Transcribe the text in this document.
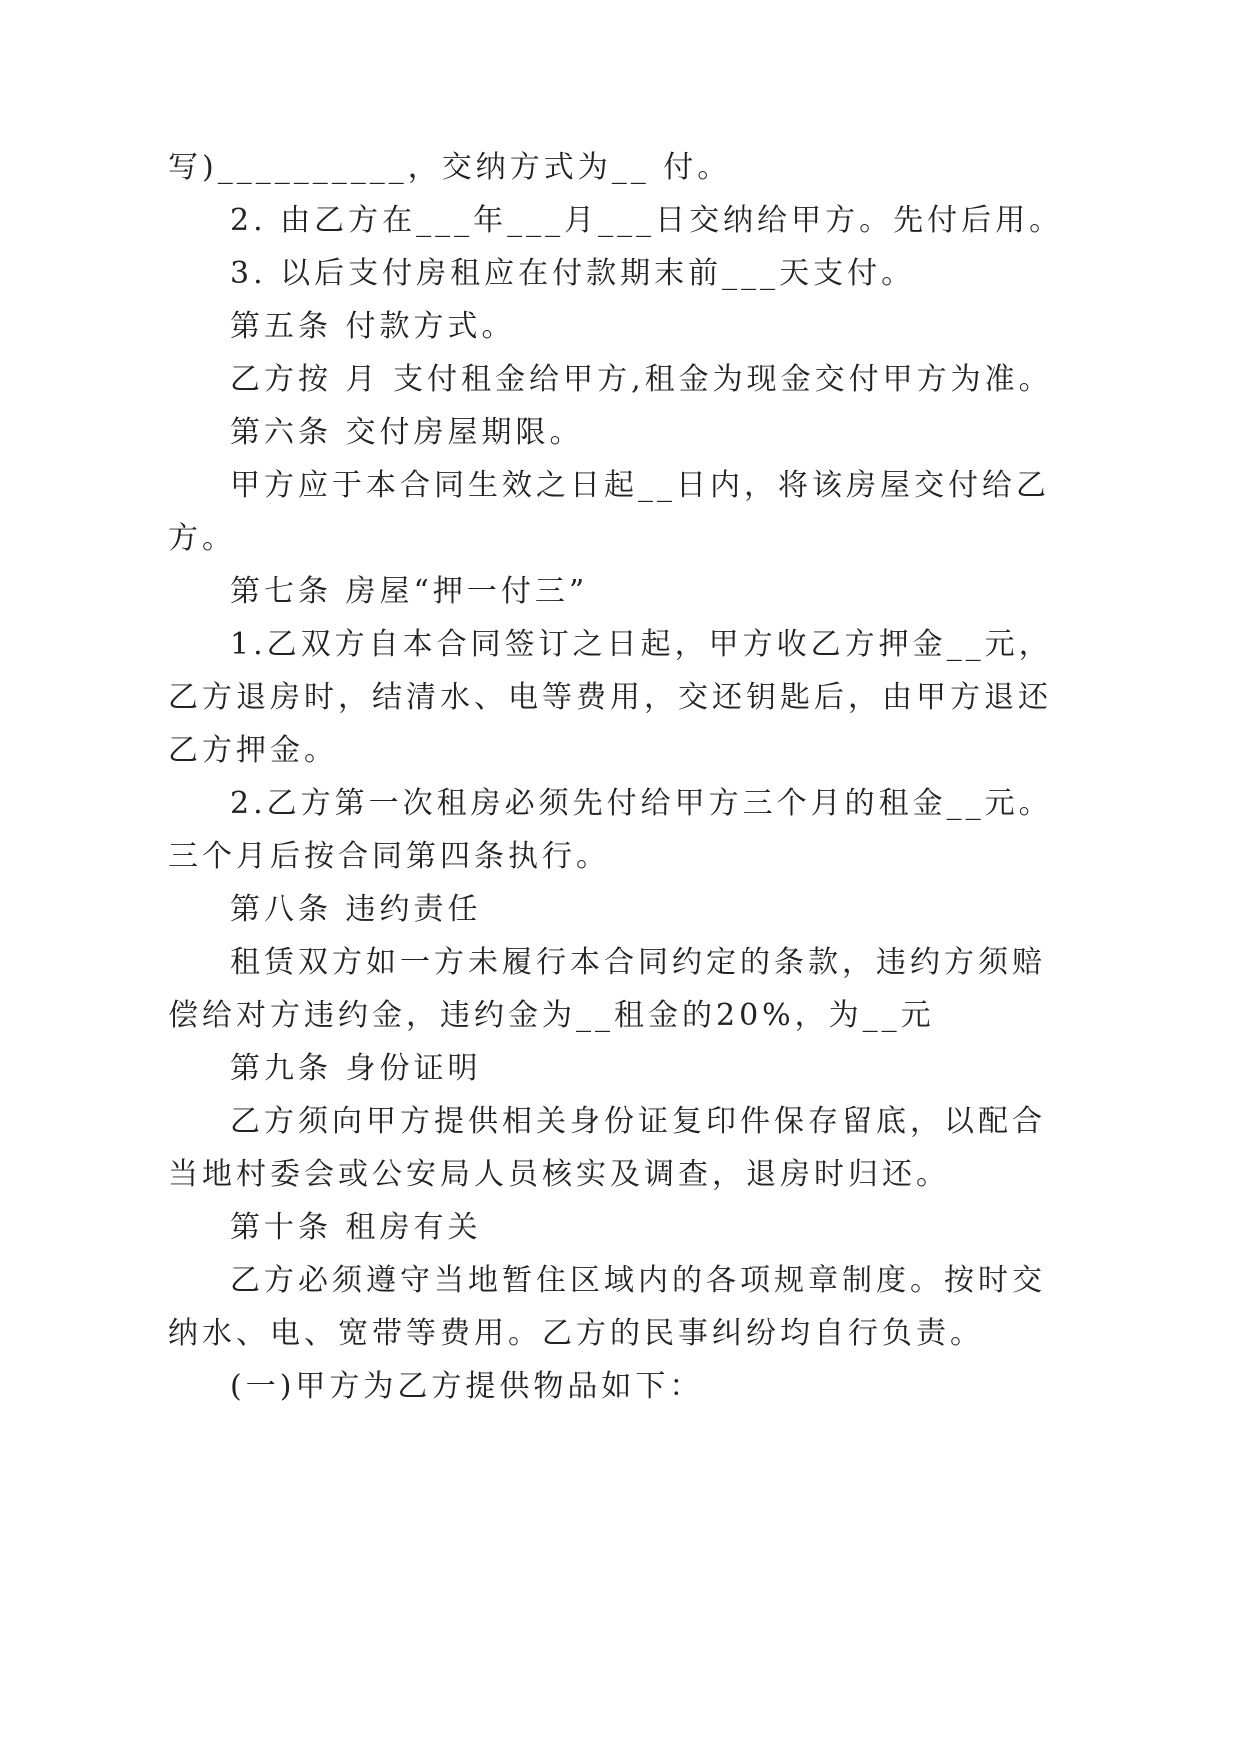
写)__________，交纳方式为__ 付。
2. 由乙方在___年___月___日交纳给甲方。先付后用。
3. 以后支付房租应在付款期末前___天支付。
第五条 付款方式。
乙方按 月 支付租金给甲方,租金为现金交付甲方为准。
第六条 交付房屋期限。
甲方应于本合同生效之日起__日内，将该房屋交付给乙
方。
第七条 房屋“押一付三”
1.乙双方自本合同签订之日起，甲方收乙方押金__元，
乙方退房时，结清水、电等费用，交还钥匙后，由甲方退还
乙方押金。
2.乙方第一次租房必须先付给甲方三个月的租金__元。
三个月后按合同第四条执行。
第八条 违约责任
租赁双方如一方未履行本合同约定的条款，违约方须赔
偿给对方违约金，违约金为__租金的20%，为__元
第九条 身份证明
乙方须向甲方提供相关身份证复印件保存留底，以配合
当地村委会或公安局人员核实及调查，退房时归还。
第十条 租房有关
乙方必须遵守当地暂住区域内的各项规章制度。按时交
纳水、电、宽带等费用。乙方的民事纠纷均自行负责。
(一)甲方为乙方提供物品如下：
